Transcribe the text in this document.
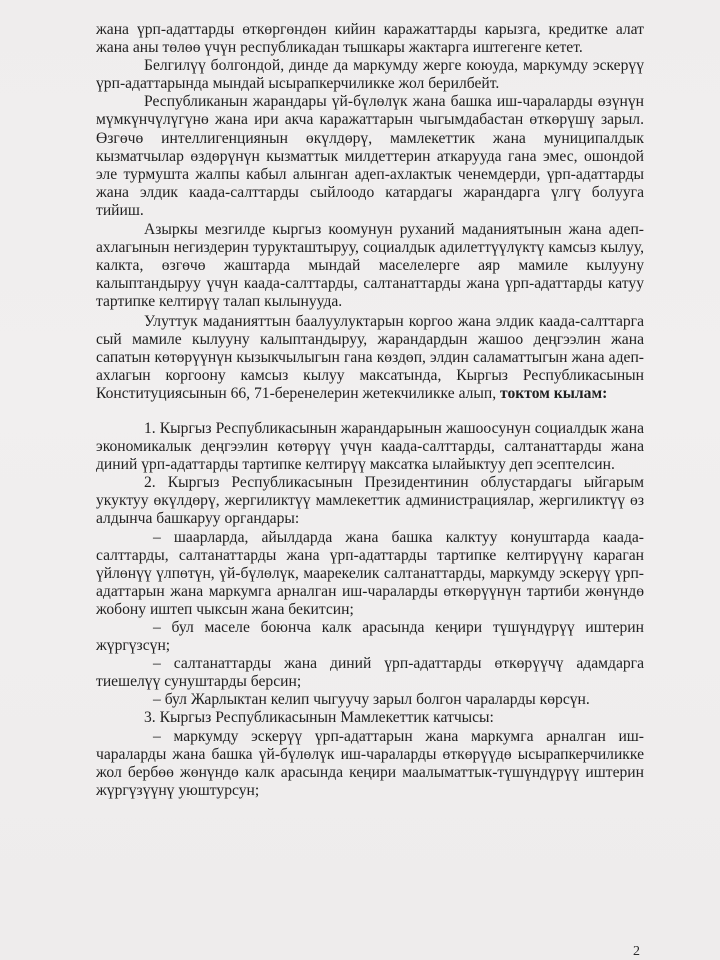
жана үрп-адаттарды өткөргөндөн кийин каражаттарды карызга, кредитке алат жана аны төлөө үчүн республикадан тышкары жактарга иштегенге кетет.

Белгилүү болгондой, динде да маркумду жерге коюуда, маркумду эскерүү үрп-адаттарында мындай ысырапкерчиликке жол берилбейт.

Республиканын жарандары үй-бүлөлүк жана башка иш-чараларды өзүнүн мүмкүнчүлүгүнө жана ири акча каражаттарын чыгымдабастан өткөрүшү зарыл. Өзгөчө интеллигенциянын өкүлдөрү, мамлекеттик жана муниципалдык кызматчылар өздөрүнүн кызматтык милдеттерин аткарууда гана эмес, ошондой эле турмушта жалпы кабыл алынган адеп-ахлактык ченемдерди, үрп-адаттарды жана элдик каада-салттарды сыйлоодо катардагы жарандарга үлгү болууга тийиш.

Азыркы мезгилде кыргыз коомунун руханий маданиятынын жана адеп-ахлагынын негиздерин турукташтыруу, социалдык адилеттүүлүктү камсыз кылуу, калкта, өзгөчө жаштарда мындай маселелерге аяр мамиле кылууну калыптандыруу үчүн каада-салттарды, салтанаттарды жана үрп-адаттарды катуу тартипке келтирүү талап кылынууда.

Улуттук маданияттын баалуулуктарын коргоо жана элдик каада-салттарга сый мамиле кылууну калыптандыруу, жарандардын жашоо деңгээлин жана сапатын көтөрүүнүн кызыкчылыгын гана көздөп, элдин саламаттыгын жана адеп-ахлагын коргоону камсыз кылуу максатында, Кыргыз Республикасынын Конституциясынын 66, 71-беренелерин жетекчиликке алып, токтом кылам:

1. Кыргыз Республикасынын жарандарынын жашоосунун социалдык жана экономикалык деңгээлин көтөрүү үчүн каада-салттарды, салтанаттарды жана диний үрп-адаттарды тартипке келтирүү максатка ылайыктуу деп эсептелсин.

2. Кыргыз Республикасынын Президентинин облустардагы ыйгарым укуктуу өкүлдөрү, жергиликтүү мамлекеттик администрациялар, жергиликтүү өз алдынча башкаруу органдары:

– шаарларда, айылдарда жана башка калктуу конуштарда каада-салттарды, салтанаттарды жана үрп-адаттарды тартипке келтирүүнү караган үйлөнүү үлпөтүн, үй-бүлөлүк, маарекелик салтанаттарды, маркумду эскерүү үрп-адаттарын жана маркумга арналган иш-чараларды өткөрүүнүн тартиби жөнүндө жобону иштеп чыксын жана бекитсин;

– бул маселе боюнча калк арасында кеңири түшүндүрүү иштерин жүргүзсүн;

– салтанаттарды жана диний үрп-адаттарды өткөрүүчү адамдарга тиешелүү сунуштарды берсин;

– бул Жарлыктан келип чыгуучу зарыл болгон чараларды көрсүн.

3. Кыргыз Республикасынын Мамлекеттик катчысы:

– маркумду эскерүү үрп-адаттарын жана маркумга арналган иш-чараларды жана башка үй-бүлөлүк иш-чараларды өткөрүүдө ысырапкерчиликке жол бербөө жөнүндө калк арасында кеңири маалыматтык-түшүндүрүү иштерин жүргүзүүнү уюштурсун;

2
